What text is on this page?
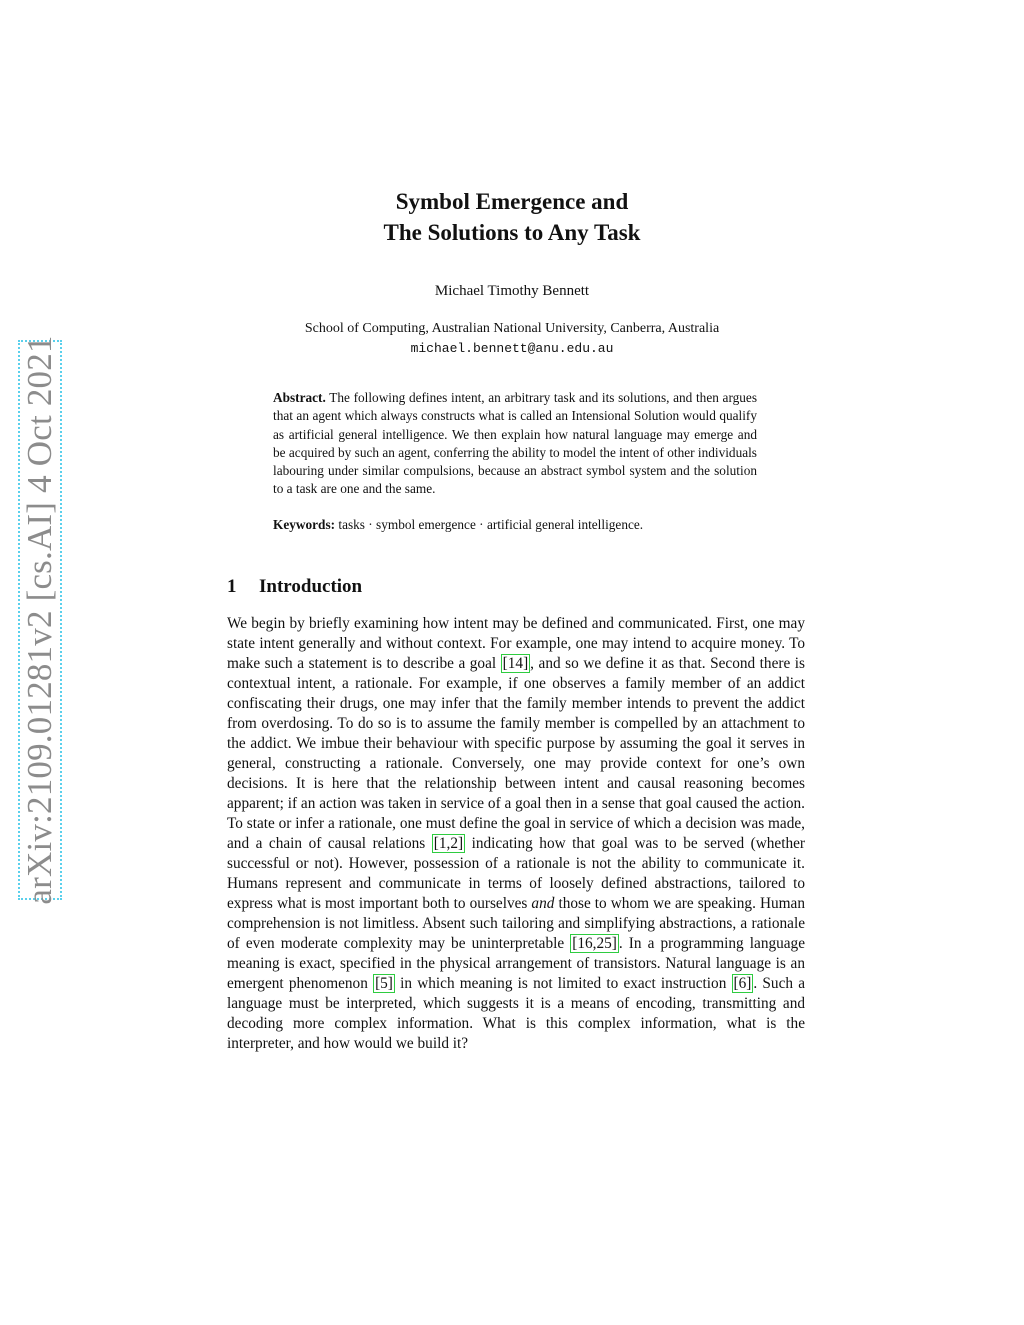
arXiv:2109.01281v2 [cs.AI] 4 Oct 2021
Symbol Emergence and
The Solutions to Any Task
Michael Timothy Bennett
School of Computing, Australian National University, Canberra, Australia
michael.bennett@anu.edu.au
Abstract. The following defines intent, an arbitrary task and its solutions, and then argues that an agent which always constructs what is called an Intensional Solution would qualify as artificial general intelligence. We then explain how natural language may emerge and be acquired by such an agent, conferring the ability to model the intent of other individuals labouring under similar compulsions, because an abstract symbol system and the solution to a task are one and the same.
Keywords: tasks · symbol emergence · artificial general intelligence.
1 Introduction

We begin by briefly examining how intent may be defined and communicated. First, one may state intent generally and without context. For example, one may intend to acquire money. To make such a statement is to describe a goal [14] , and so we define it as that. Second there is contextual intent, a rationale. For example, if one observes a family member of an addict confiscating their drugs, one may infer that the family member intends to prevent the addict from overdosing. To do so is to assume the family member is compelled by an attachment to the addict. We imbue their behaviour with specific purpose by assuming the goal it serves in general, constructing a rationale. Conversely, one may provide context for one’s own decisions. It is here that the relationship between intent and causal reasoning becomes apparent; if an action was taken in service of a goal then in a sense that goal caused the action. To state or infer a rationale, one must define the goal in service of which a decision was made, and a chain of causal relations [1,2] indicating how that goal was to be served (whether successful or not). However, possession of a rationale is not the ability to communicate it. Humans represent and communicate in terms of loosely defined abstractions, tailored to express what is most important both to ourselves and those to whom we are speaking. Human comprehension is not limitless. Absent such tailoring and simplifying abstractions, a rationale of even moderate complexity may be uninterpretable [16,25] . In a programming language meaning is exact, specified in the physical arrangement of transistors. Natural language is an emergent phenomenon [5] in which meaning is not limited to exact instruction [6] . Such a language must be interpreted, which suggests it is a means of encoding, transmitting and decoding more complex information. What is this complex information, what is the interpreter, and how would we build it?
